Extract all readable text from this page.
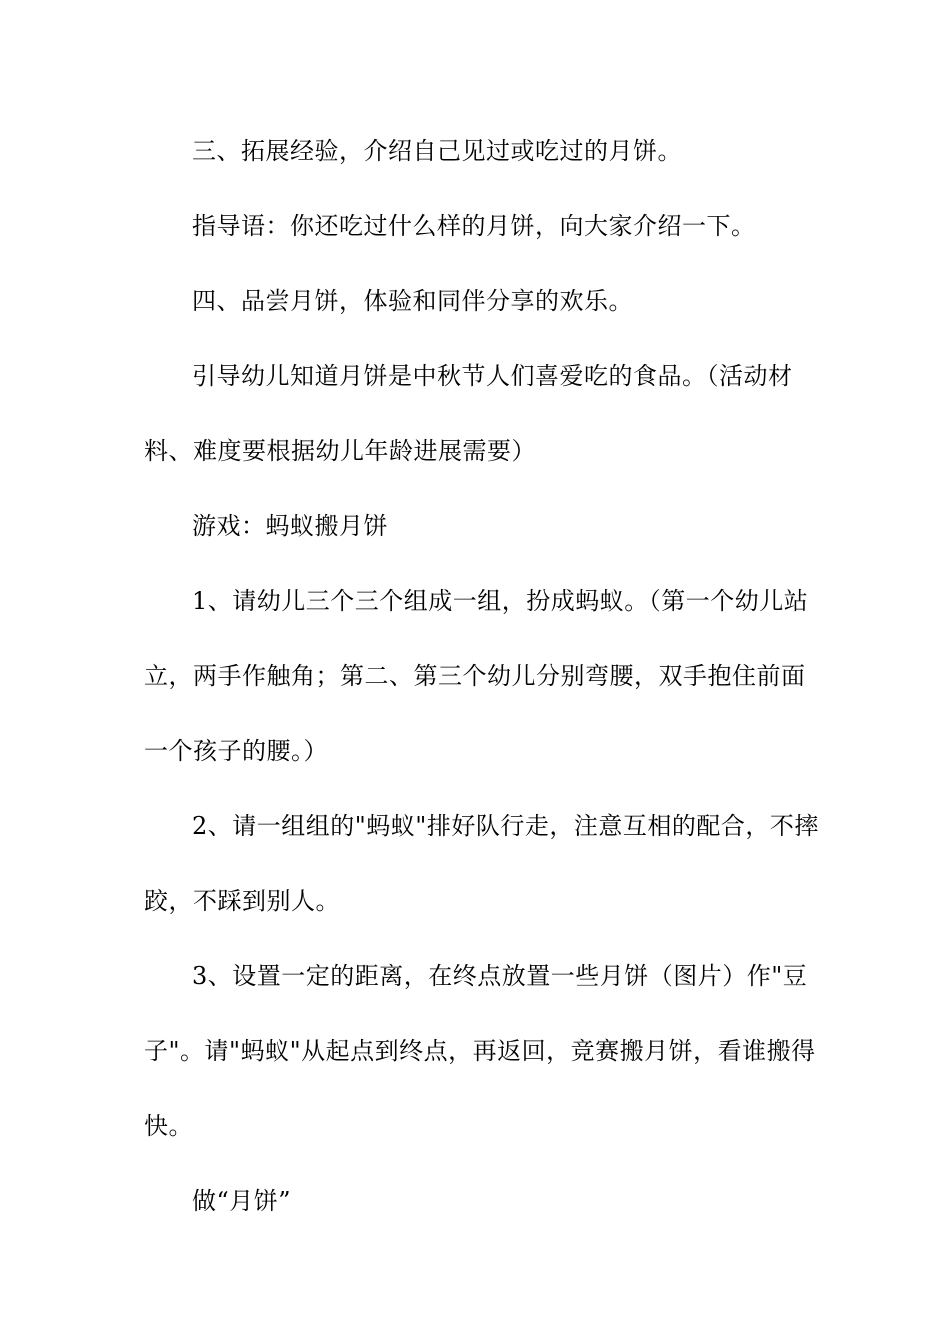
三、拓展经验，介绍自己见过或吃过的月饼。
指导语：你还吃过什么样的月饼，向大家介绍一下。
四、品尝月饼，体验和同伴分享的欢乐。
引导幼儿知道月饼是中秋节人们喜爱吃的食品。（活动材
料、难度要根据幼儿年龄进展需要）
游戏：蚂蚁搬月饼
1、请幼儿三个三个组成一组，扮成蚂蚁。（第一个幼儿站
立，两手作触角；第二、第三个幼儿分别弯腰，双手抱住前面
一个孩子的腰。）
2、请一组组的"蚂蚁"排好队行走，注意互相的配合，不摔
跤，不踩到别人。
3、设置一定的距离，在终点放置一些月饼（图片）作"豆
子"。请"蚂蚁"从起点到终点，再返回，竞赛搬月饼，看谁搬得
快。
做“月饼”
